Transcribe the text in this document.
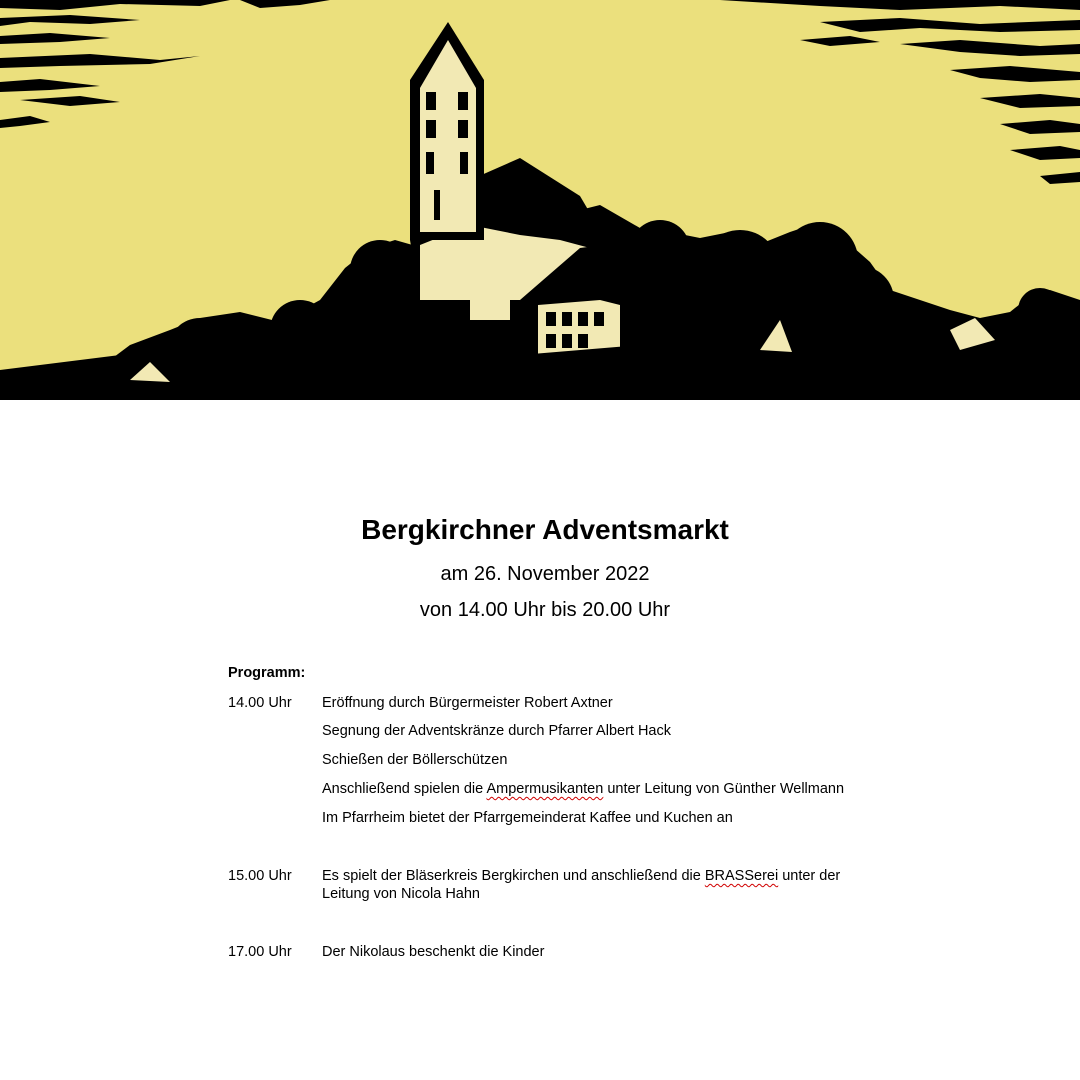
Bergkirchner Adventsmarkt
am 26. November 2022
von 14.00 Uhr bis 20.00 Uhr
Programm:
14.00 Uhr Eröffnung durch Bürgermeister Robert Axtner
Segnung der Adventskränze durch Pfarrer Albert Hack
Schießen der Böllerschützen
Anschließend spielen die Ampermusikanten unter Leitung von Günther Wellmann
Im Pfarrheim bietet der Pfarrgemeinderat Kaffee und Kuchen an
15.00 Uhr Es spielt der Bläserkreis Bergkirchen und anschließend die BRASSerei unter der Leitung von Nicola Hahn
17.00 Uhr Der Nikolaus beschenkt die Kinder
